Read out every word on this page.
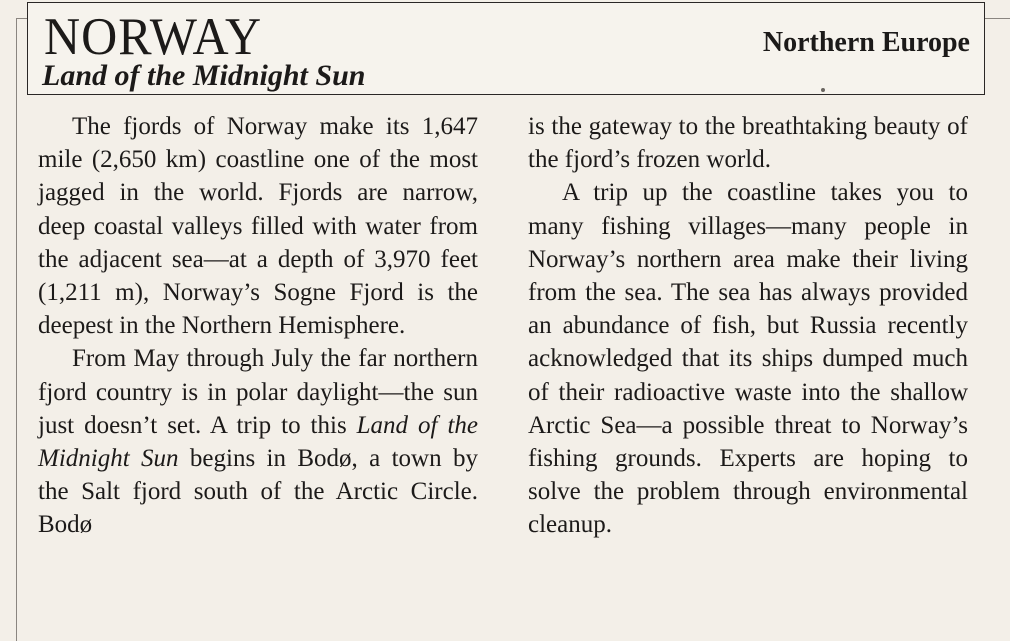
NORWAY
Land of the Midnight Sun
Northern Europe

The fjords of Norway make its 1,647 mile (2,650 km) coastline one of the most jagged in the world. Fjords are narrow, deep coastal valleys filled with water from the adjacent sea—at a depth of 3,970 feet (1,211 m), Norway’s Sogne Fjord is the deepest in the Northern Hemisphere.

From May through July the far northern fjord country is in polar daylight—the sun just doesn’t set. A trip to this Land of the Midnight Sun begins in Bodø, a town by the Salt fjord south of the Arctic Circle. Bodø

is the gateway to the breathtaking beauty of the fjord’s frozen world.

A trip up the coastline takes you to many fishing villages—many people in Norway’s northern area make their living from the sea. The sea has always provided an abundance of fish, but Russia recently acknowledged that its ships dumped much of their radioactive waste into the shallow Arctic Sea—a possible threat to Norway’s fishing grounds. Experts are hoping to solve the problem through environmental cleanup.
